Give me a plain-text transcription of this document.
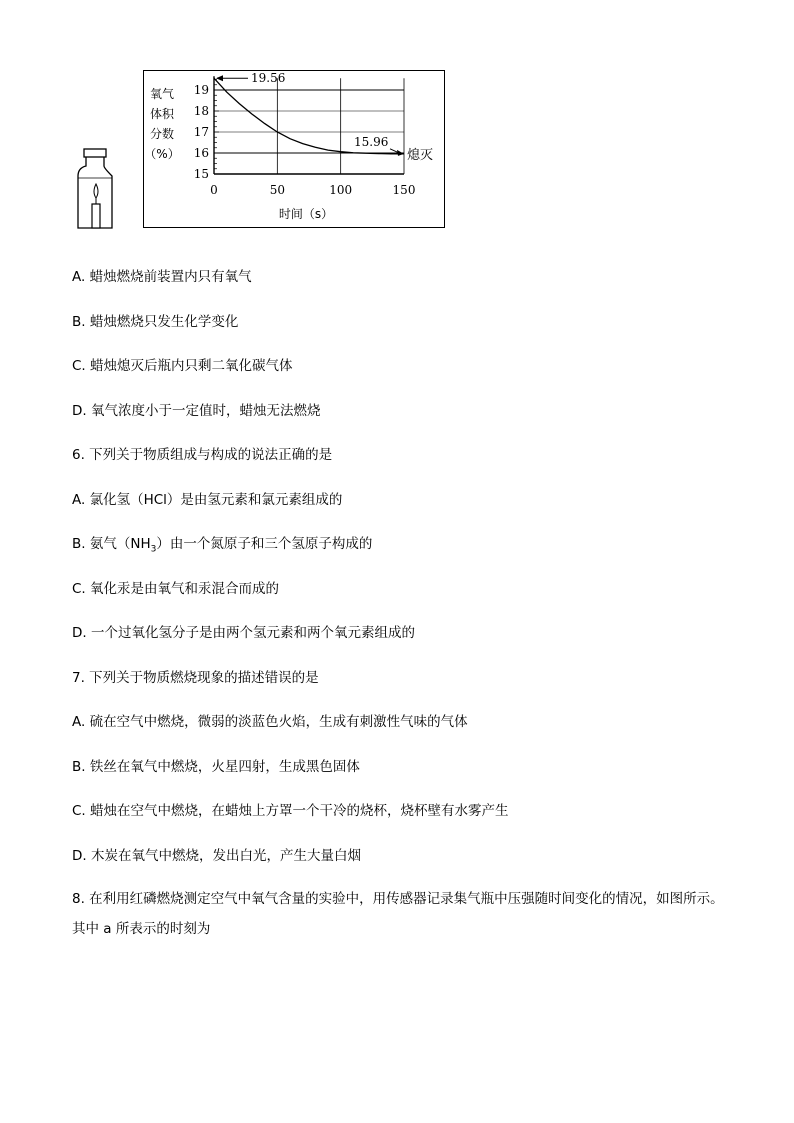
氧气
体积
分数
（%）
15
16
17
18
19
0	50	100	150
19.56
15.96
熄灭
时间（s）
A. 蜡烛燃烧前装置内只有氧气
B. 蜡烛燃烧只发生化学变化
C. 蜡烛熄灭后瓶内只剩二氧化碳气体
D. 氧气浓度小于一定值时，蜡烛无法燃烧
6. 下列关于物质组成与构成的说法正确的是
A. 氯化氢（HCl）是由氢元素和氯元素组成的
B. 氨气$(NH_3)$由一个氮原子和三个氢原子构成的
C. 氧化汞是由氧气和汞混合而成的
D. 一个过氧化氢分子是由两个氢元素和两个氧元素组成的
7. 下列关于物质燃烧现象的描述错误的是
A. 硫在空气中燃烧，微弱的淡蓝色火焰，生成有刺激性气味的气体
B. 铁丝在氧气中燃烧，火星四射，生成黑色固体
C. 蜡烛在空气中燃烧，在蜡烛上方罩一个干冷的烧杯，烧杯壁有水雾产生
D. 木炭在氧气中燃烧，发出白光，产生大量白烟
8. 在利用红磷燃烧测定空气中氧气含量的实验中，用传感器记录集气瓶中压强随时间变化的情况，如图所示。其中 a 所表示的时刻为
